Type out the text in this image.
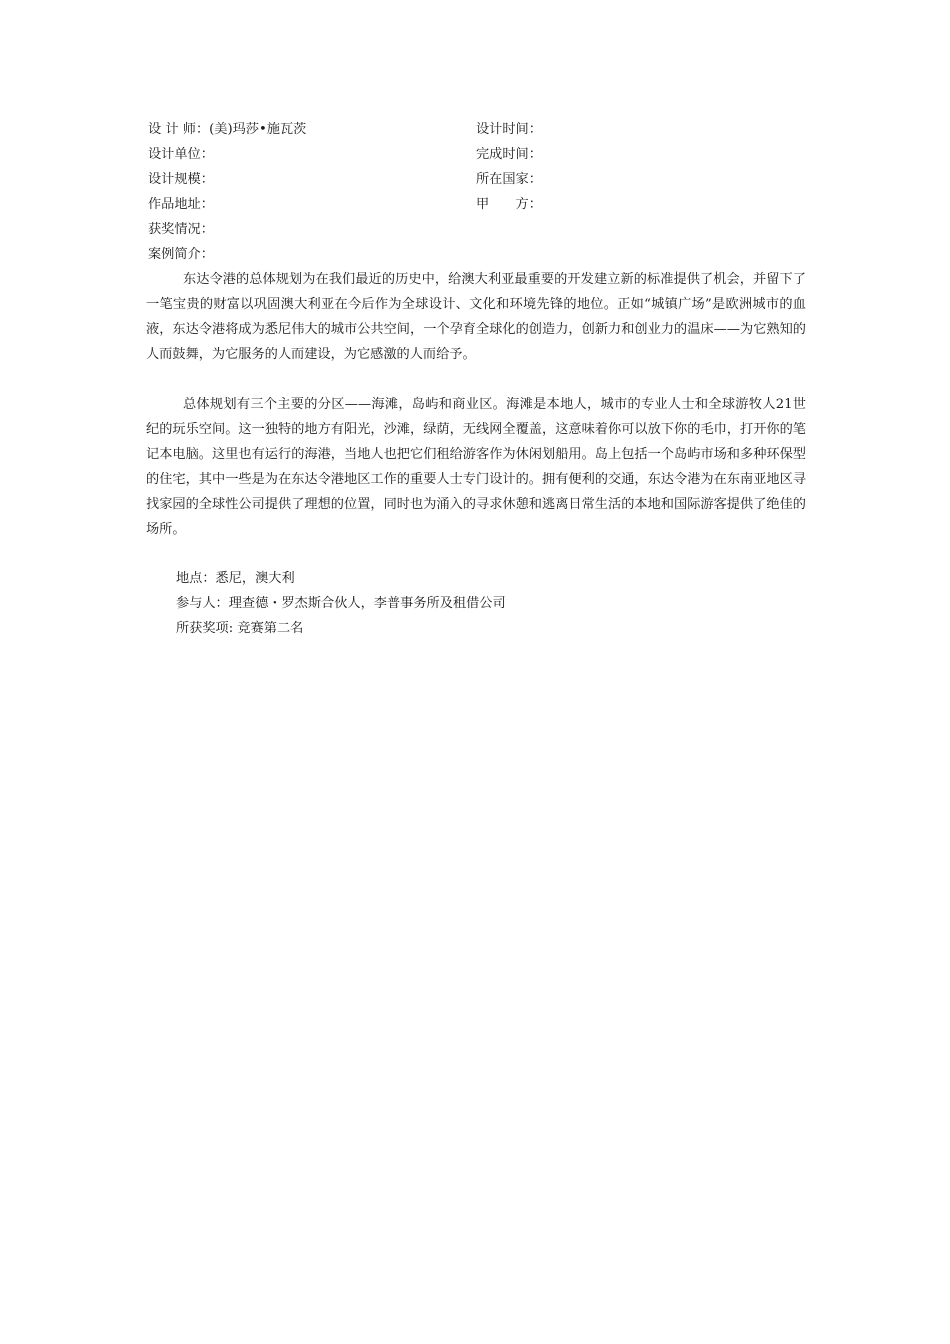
设 计 师：(美)玛莎•施瓦茨	设计时间：
设计单位：	完成时间：
设计规模：	所在国家：
作品地址：	甲　　方：
获奖情况：
案例简介：

东达令港的总体规划为在我们最近的历史中，给澳大利亚最重要的开发建立新的标准提供了机会，并留下了一笔宝贵的财富以巩固澳大利亚在今后作为全球设计、文化和环境先锋的地位。正如“城镇广场”是欧洲城市的血液，东达令港将成为悉尼伟大的城市公共空间，一个孕育全球化的创造力，创新力和创业力的温床——为它熟知的人而鼓舞，为它服务的人而建设，为它感激的人而给予。

总体规划有三个主要的分区——海滩，岛屿和商业区。海滩是本地人，城市的专业人士和全球游牧人21世纪的玩乐空间。这一独特的地方有阳光，沙滩，绿荫，无线网全覆盖，这意味着你可以放下你的毛巾，打开你的笔记本电脑。这里也有运行的海港，当地人也把它们租给游客作为休闲划船用。岛上包括一个岛屿市场和多种环保型的住宅，其中一些是为在东达令港地区工作的重要人士专门设计的。拥有便利的交通，东达令港为在东南亚地区寻找家园的全球性公司提供了理想的位置，同时也为涌入的寻求休憩和逃离日常生活的本地和国际游客提供了绝佳的场所。

地点：悉尼，澳大利
参与人：理查德・罗杰斯合伙人，李普事务所及租借公司
所获奖项: 竞赛第二名
